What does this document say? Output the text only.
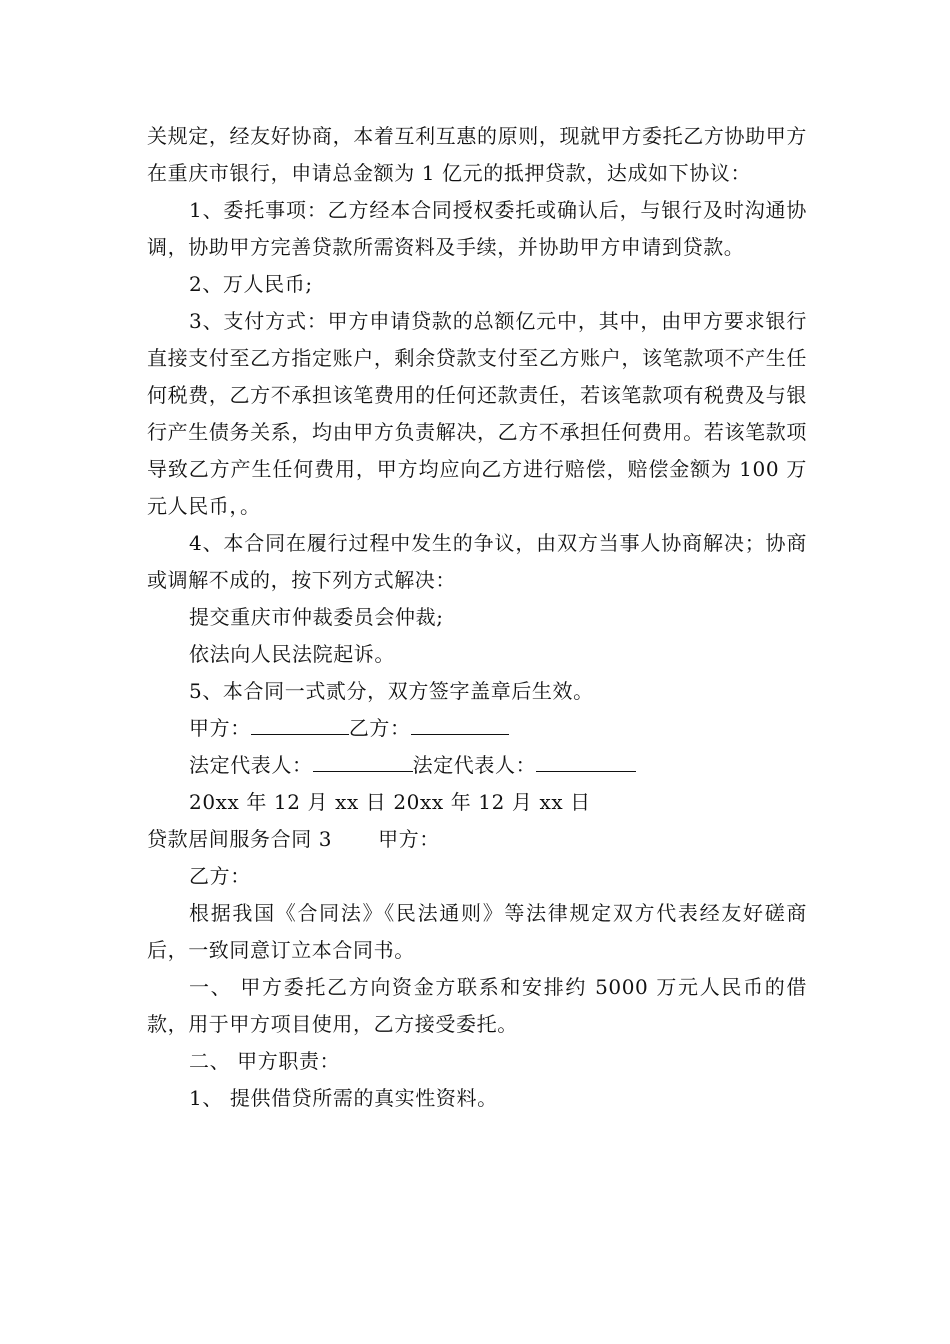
关规定，经友好协商，本着互利互惠的原则，现就甲方委托乙方协助甲方在重庆市银行，申请总金额为 1 亿元的抵押贷款，达成如下协议：

1、委托事项：乙方经本合同授权委托或确认后，与银行及时沟通协调，协助甲方完善贷款所需资料及手续，并协助甲方申请到贷款。

2、万人民币;

3、支付方式：甲方申请贷款的总额亿元中，其中，由甲方要求银行直接支付至乙方指定账户，剩余贷款支付至乙方账户，该笔款项不产生任何税费，乙方不承担该笔费用的任何还款责任，若该笔款项有税费及与银行产生债务关系，均由甲方负责解决，乙方不承担任何费用。若该笔款项导致乙方产生任何费用，甲方均应向乙方进行赔偿，赔偿金额为 100 万元人民币，。

4、本合同在履行过程中发生的争议，由双方当事人协商解决；协商或调解不成的，按下列方式解决：

提交重庆市仲裁委员会仲裁;

依法向人民法院起诉。

5、本合同一式贰分，双方签字盖章后生效。

甲方：	乙方：

法定代表人：	法定代表人：

20xx 年 12 月 xx 日 20xx 年 12 月 xx 日

贷款居间服务合同 3 甲方：

乙方：

根据我国《合同法》《民法通则》等法律规定双方代表经友好磋商后，一致同意订立本合同书。

一、 甲方委托乙方向资金方联系和安排约 5000 万元人民币的借款，用于甲方项目使用，乙方接受委托。

二、 甲方职责：

1、 提供借贷所需的真实性资料。
